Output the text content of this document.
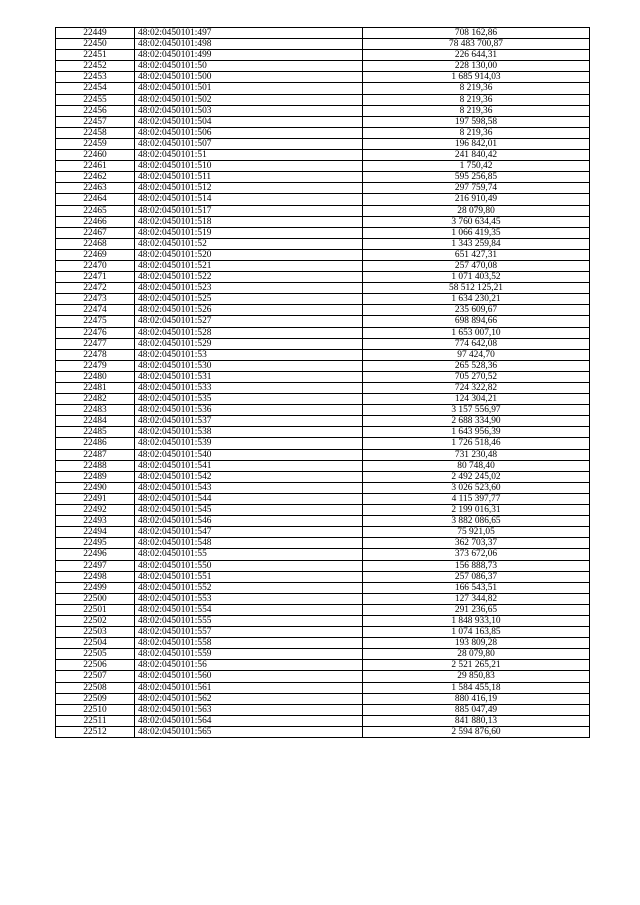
22449	48:02:0450101:497	708 162,86
22450	48:02:0450101:498	78 483 700,87
22451	48:02:0450101:499	226 644,31
22452	48:02:0450101:50	228 130,00
22453	48:02:0450101:500	1 685 914,03
22454	48:02:0450101:501	8 219,36
22455	48:02:0450101:502	8 219,36
22456	48:02:0450101:503	8 219,36
22457	48:02:0450101:504	197 598,58
22458	48:02:0450101:506	8 219,36
22459	48:02:0450101:507	196 842,01
22460	48:02:0450101:51	241 840,42
22461	48:02:0450101:510	1 750,42
22462	48:02:0450101:511	595 256,85
22463	48:02:0450101:512	297 759,74
22464	48:02:0450101:514	216 910,49
22465	48:02:0450101:517	28 079,80
22466	48:02:0450101:518	3 760 634,45
22467	48:02:0450101:519	1 066 419,35
22468	48:02:0450101:52	1 343 259,84
22469	48:02:0450101:520	651 427,31
22470	48:02:0450101:521	257 470,08
22471	48:02:0450101:522	1 071 403,52
22472	48:02:0450101:523	58 512 125,21
22473	48:02:0450101:525	1 634 230,21
22474	48:02:0450101:526	235 609,67
22475	48:02:0450101:527	698 894,66
22476	48:02:0450101:528	1 653 007,10
22477	48:02:0450101:529	774 642,08
22478	48:02:0450101:53	97 424,70
22479	48:02:0450101:530	265 528,36
22480	48:02:0450101:531	705 270,52
22481	48:02:0450101:533	724 322,82
22482	48:02:0450101:535	124 304,21
22483	48:02:0450101:536	3 157 556,97
22484	48:02:0450101:537	2 688 334,90
22485	48:02:0450101:538	1 643 956,39
22486	48:02:0450101:539	1 726 518,46
22487	48:02:0450101:540	731 230,48
22488	48:02:0450101:541	80 748,40
22489	48:02:0450101:542	2 492 245,02
22490	48:02:0450101:543	3 026 523,60
22491	48:02:0450101:544	4 115 397,77
22492	48:02:0450101:545	2 199 016,31
22493	48:02:0450101:546	3 882 086,65
22494	48:02:0450101:547	75 921,05
22495	48:02:0450101:548	362 703,37
22496	48:02:0450101:55	373 672,06
22497	48:02:0450101:550	156 888,73
22498	48:02:0450101:551	257 086,37
22499	48:02:0450101:552	166 543,51
22500	48:02:0450101:553	127 344,82
22501	48:02:0450101:554	291 236,65
22502	48:02:0450101:555	1 848 933,10
22503	48:02:0450101:557	1 074 163,85
22504	48:02:0450101:558	193 809,28
22505	48:02:0450101:559	28 079,80
22506	48:02:0450101:56	2 521 265,21
22507	48:02:0450101:560	29 850,83
22508	48:02:0450101:561	1 584 455,18
22509	48:02:0450101:562	880 416,19
22510	48:02:0450101:563	885 047,49
22511	48:02:0450101:564	841 880,13
22512	48:02:0450101:565	2 594 876,60
